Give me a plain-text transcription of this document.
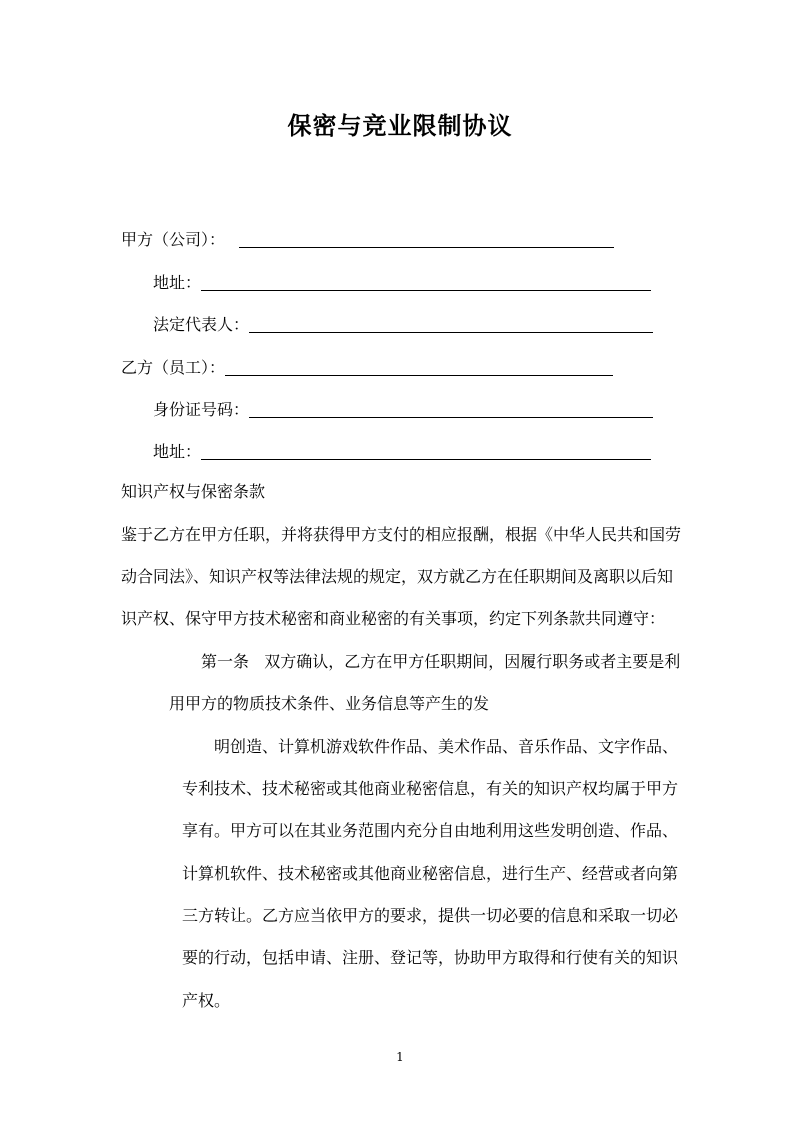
保密与竞业限制协议
甲方（公司）：
地址：
法定代表人：
乙方（员工）：
身份证号码：
地址：
知识产权与保密条款
鉴于乙方在甲方任职，并将获得甲方支付的相应报酬，根据《中华人民共和国劳
动合同法》、知识产权等法律法规的规定，双方就乙方在任职期间及离职以后知
识产权、保守甲方技术秘密和商业秘密的有关事项，约定下列条款共同遵守：
第一条   双方确认，乙方在甲方任职期间，因履行职务或者主要是利
用甲方的物质技术条件、业务信息等产生的发
明创造、计算机游戏软件作品、美术作品、音乐作品、文字作品、
专利技术、技术秘密或其他商业秘密信息，有关的知识产权均属于甲方
享有。甲方可以在其业务范围内充分自由地利用这些发明创造、作品、
计算机软件、技术秘密或其他商业秘密信息，进行生产、经营或者向第
三方转让。乙方应当依甲方的要求，提供一切必要的信息和采取一切必
要的行动，包括申请、注册、登记等，协助甲方取得和行使有关的知识
产权。
1
